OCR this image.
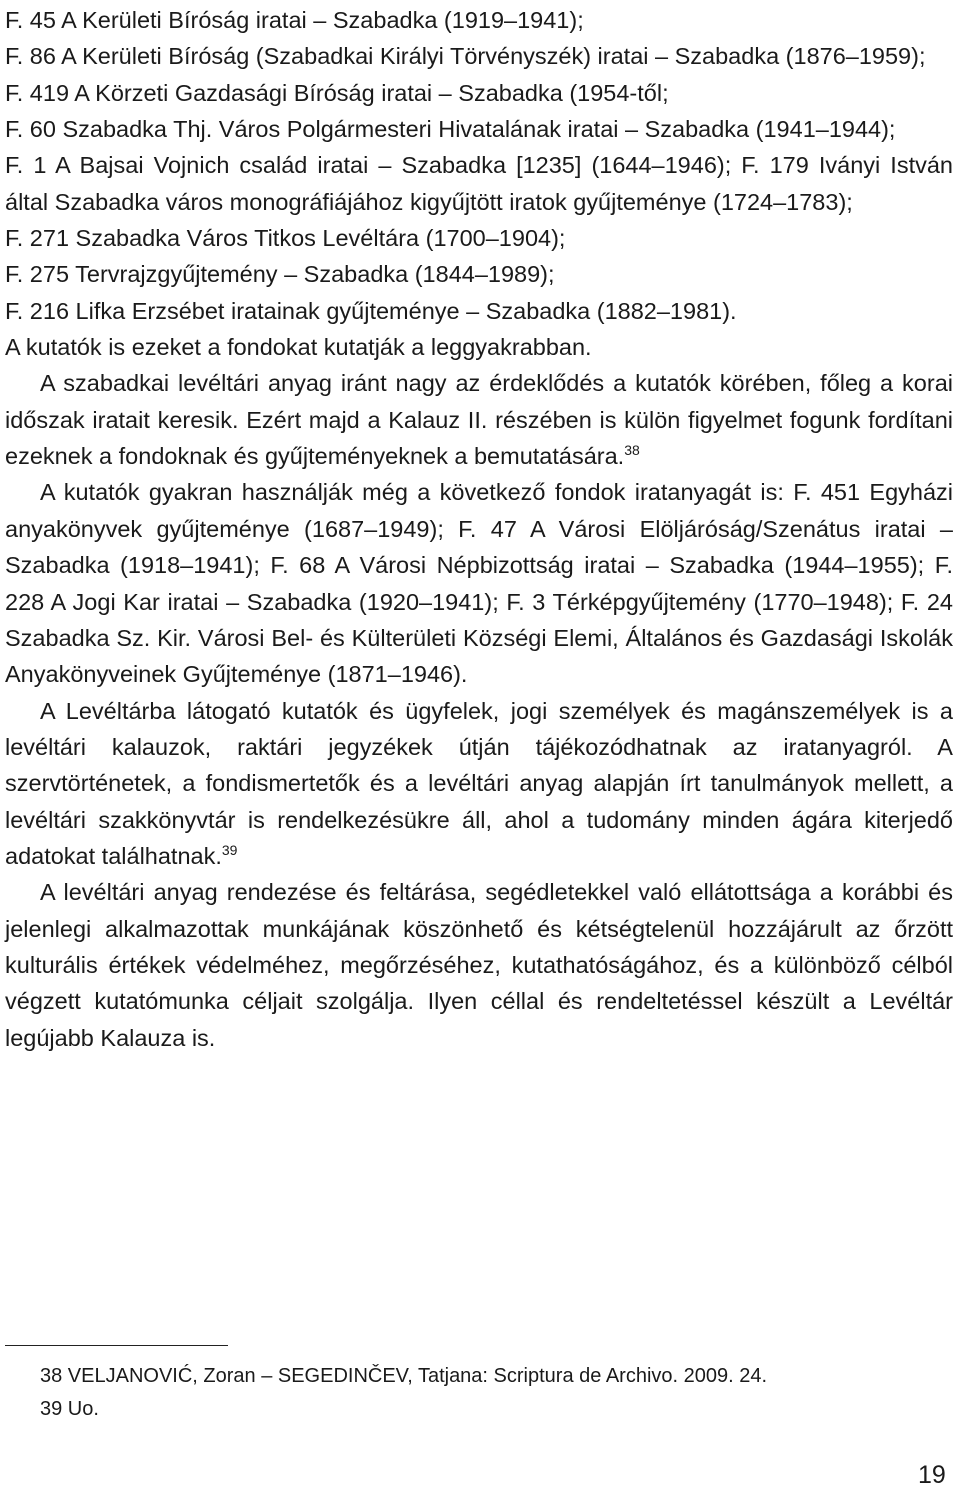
F. 45 A Kerületi Bíróság iratai – Szabadka (1919–1941);

F. 86 A Kerületi Bíróság (Szabadkai Királyi Törvényszék) iratai – Szabadka (1876–1959);

F. 419 A Körzeti Gazdasági Bíróság iratai – Szabadka (1954-től;

F. 60 Szabadka Thj. Város Polgármesteri Hivatalának iratai – Szabadka (1941–1944);

F. 1 A Bajsai Vojnich család iratai – Szabadka [1235] (1644–1946); F. 179 Iványi István által Szabadka város monográfiájához kigyűjtött iratok gyűjteménye (1724–1783);

F. 271 Szabadka Város Titkos Levéltára (1700–1904);

F. 275 Tervrajzgyűjtemény – Szabadka (1844–1989);

F. 216 Lifka Erzsébet iratainak gyűjteménye – Szabadka (1882–1981).

A kutatók is ezeket a fondokat kutatják a leggyakrabban.

A szabadkai levéltári anyag iránt nagy az érdeklődés a kutatók körében, főleg a korai időszak iratait keresik. Ezért majd a Kalauz II. részében is külön figyelmet fogunk fordítani ezeknek a fondoknak és gyűjteményeknek a bemutatására.$^{38}$

A kutatók gyakran használják még a következő fondok iratanyagát is: F. 451 Egyházi anyakönyvek gyűjteménye (1687–1949); F. 47 A Városi Elöljáróság/Szenátus iratai – Szabadka (1918–1941); F. 68 A Városi Népbizottság iratai – Szabadka (1944–1955); F. 228 A Jogi Kar iratai – Szabadka (1920–1941); F. 3 Térképgyűjtemény (1770–1948); F. 24 Szabadka Sz. Kir. Városi Bel- és Külterületi Községi Elemi, Általános és Gazdasági Iskolák Anyakönyveinek Gyűjteménye (1871–1946).

A Levéltárba látogató kutatók és ügyfelek, jogi személyek és magánszemélyek is a levéltári kalauzok, raktári jegyzékek útján tájékozódhatnak az iratanyagról. A szervtörténetek, a fondismertetők és a levéltári anyag alapján írt tanulmányok mellett, a levéltári szakkönyvtár is rendelkezésükre áll, ahol a tudomány minden ágára kiterjedő adatokat találhatnak.$^{39}$

A levéltári anyag rendezése és feltárása, segédletekkel való ellátottsága a korábbi és jelenlegi alkalmazottak munkájának köszönhető és kétségtelenül hozzájárult az őrzött kulturális értékek védelméhez, megőrzéséhez, kutathatóságához, és a különböző célból végzett kutatómunka céljait szolgálja. Ilyen céllal és rendeltetéssel készült a Levéltár legújabb Kalauza is.

38 VELJANOVIĆ, Zoran – SEGEDINČEV, Tatjana: Scriptura de Archivo. 2009. 24.

39 Uo.

19
